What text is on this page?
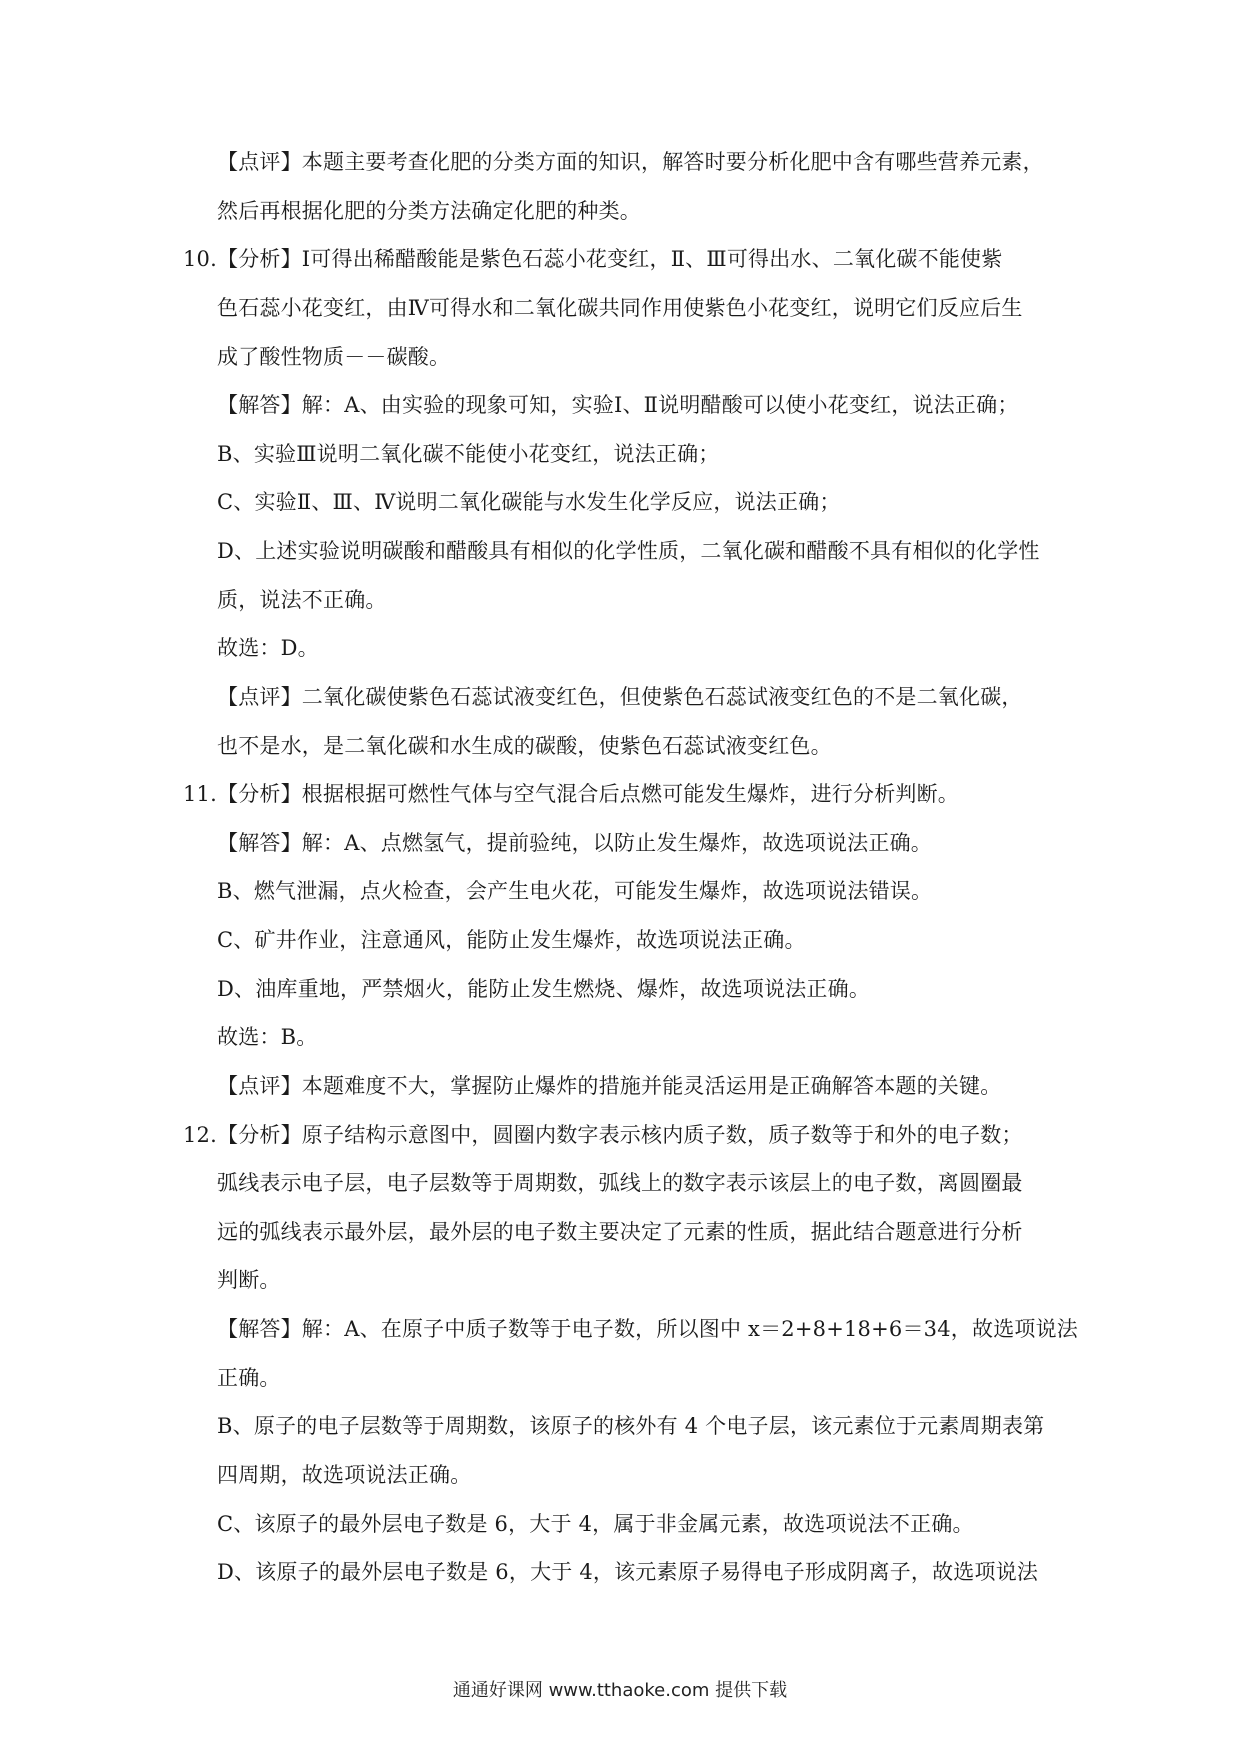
【点评】本题主要考查化肥的分类方面的知识，解答时要分析化肥中含有哪些营养元素，
然后再根据化肥的分类方法确定化肥的种类。
10.【分析】Ⅰ可得出稀醋酸能是紫色石蕊小花变红，Ⅱ、Ⅲ可得出水、二氧化碳不能使紫
色石蕊小花变红，由Ⅳ可得水和二氧化碳共同作用使紫色小花变红，说明它们反应后生
成了酸性物质－－碳酸。
【解答】解：A、由实验的现象可知，实验Ⅰ、Ⅱ说明醋酸可以使小花变红，说法正确；
B、实验Ⅲ说明二氧化碳不能使小花变红，说法正确；
C、实验Ⅱ、Ⅲ、Ⅳ说明二氧化碳能与水发生化学反应，说法正确；
D、上述实验说明碳酸和醋酸具有相似的化学性质，二氧化碳和醋酸不具有相似的化学性
质，说法不正确。
故选：D。
【点评】二氧化碳使紫色石蕊试液变红色，但使紫色石蕊试液变红色的不是二氧化碳，
也不是水，是二氧化碳和水生成的碳酸，使紫色石蕊试液变红色。
11.【分析】根据根据可燃性气体与空气混合后点燃可能发生爆炸，进行分析判断。
【解答】解：A、点燃氢气，提前验纯，以防止发生爆炸，故选项说法正确。
B、燃气泄漏，点火检查，会产生电火花，可能发生爆炸，故选项说法错误。
C、矿井作业，注意通风，能防止发生爆炸，故选项说法正确。
D、油库重地，严禁烟火，能防止发生燃烧、爆炸，故选项说法正确。
故选：B。
【点评】本题难度不大，掌握防止爆炸的措施并能灵活运用是正确解答本题的关键。
12.【分析】原子结构示意图中，圆圈内数字表示核内质子数，质子数等于和外的电子数；
弧线表示电子层，电子层数等于周期数，弧线上的数字表示该层上的电子数，离圆圈最
远的弧线表示最外层，最外层的电子数主要决定了元素的性质，据此结合题意进行分析
判断。
【解答】解：A、在原子中质子数等于电子数，所以图中 x＝2+8+18+6＝34，故选项说法
正确。
B、原子的电子层数等于周期数，该原子的核外有 4 个电子层，该元素位于元素周期表第
四周期，故选项说法正确。
C、该原子的最外层电子数是 6，大于 4，属于非金属元素，故选项说法不正确。
D、该原子的最外层电子数是 6，大于 4，该元素原子易得电子形成阴离子，故选项说法
通通好课网 www.tthaoke.com 提供下载
